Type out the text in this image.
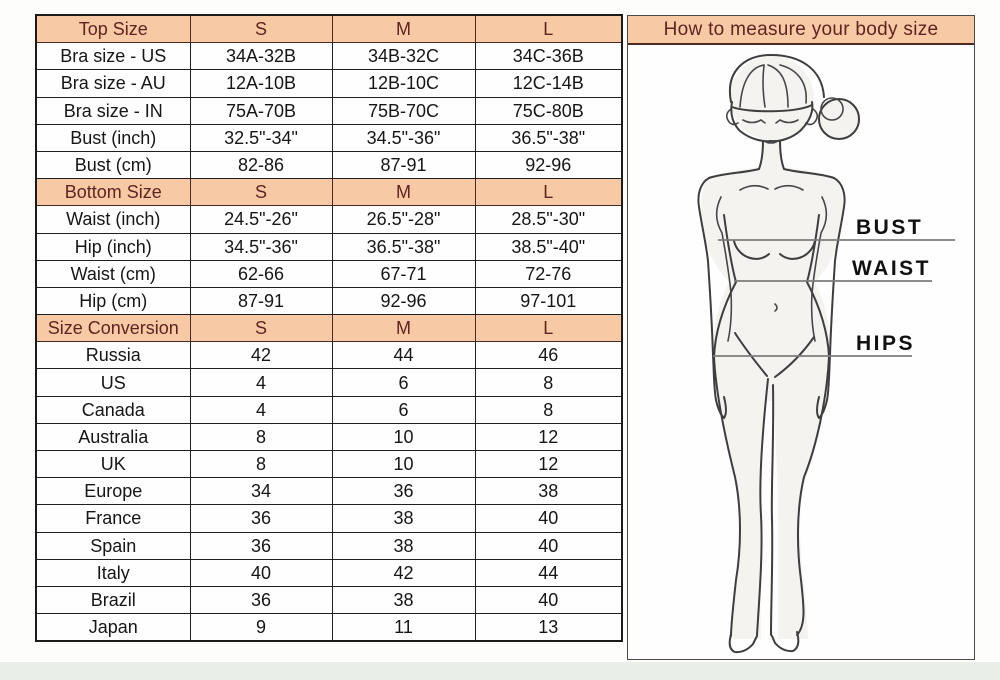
Top Size	S	M	L
Bra size - US	34A-32B	34B-32C	34C-36B
Bra size - AU	12A-10B	12B-10C	12C-14B
Bra size - IN	75A-70B	75B-70C	75C-80B
Bust (inch)	32.5"-34"	34.5"-36"	36.5"-38"
Bust (cm)	82-86	87-91	92-96
Bottom Size	S	M	L
Waist (inch)	24.5"-26"	26.5"-28"	28.5"-30"
Hip (inch)	34.5"-36"	36.5"-38"	38.5"-40"
Waist (cm)	62-66	67-71	72-76
Hip (cm)	87-91	92-96	97-101
Size Conversion	S	M	L
Russia	42	44	46
US	4	6	8
Canada	4	6	8
Australia	8	10	12
UK	8	10	12
Europe	34	36	38
France	36	38	40
Spain	36	38	40
Italy	40	42	44
Brazil	36	38	40
Japan	9	11	13
How to measure your body size
BUST
WAIST
HIPS
